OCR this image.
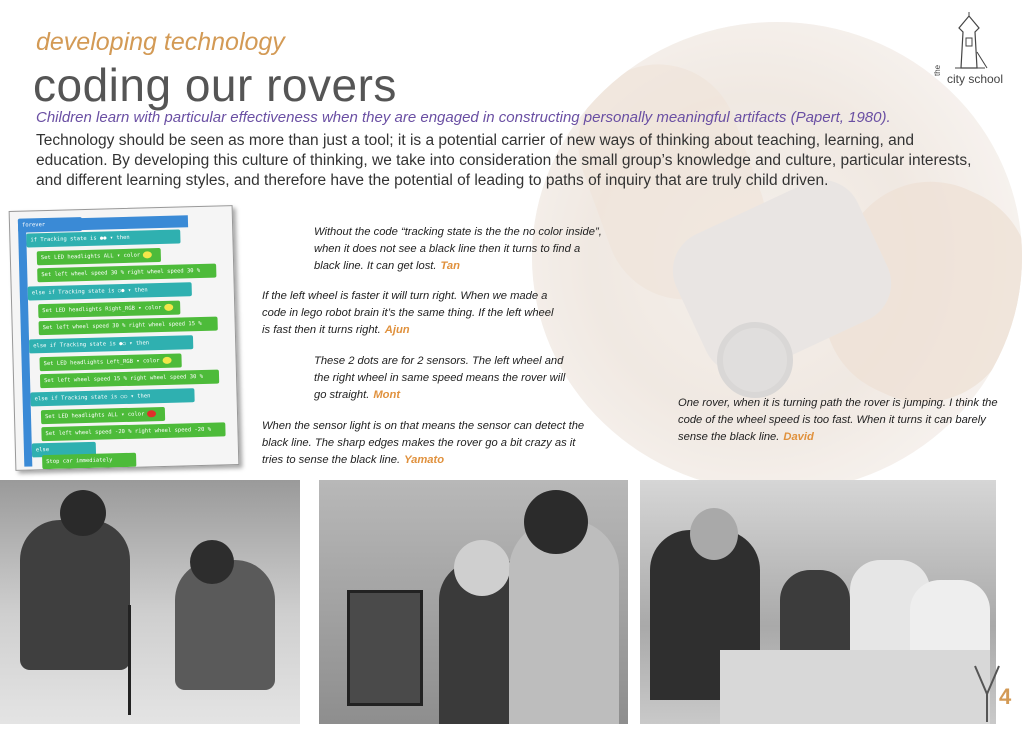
developing technology
coding our rovers	the
city school

Children learn with particular effectiveness when they are engaged in constructing personally meaningful artifacts (Papert, 1980).

Technology should be seen as more than just a tool; it is a potential carrier of new ways of thinking about teaching, learning, and education. By developing this culture of thinking, we take into consideration the small group’s knowledge and culture, particular interests, and different learning styles, and therefore have the potential of leading to paths of inquiry that are truly child driven.

forever
if Tracking state is ●● ▾ then
Set LED headlights ALL ▾ color
Set left wheel speed 30 % right wheel speed 30 %
else if Tracking state is ○● ▾ then
Set LED headlights Right_RGB ▾ color
Set left wheel speed 30 % right wheel speed 15 %
else if Tracking state is ●○ ▾ then
Set LED headlights Left_RGB ▾ color
Set left wheel speed 15 % right wheel speed 30 %
else if Tracking state is ○○ ▾ then
Set LED headlights ALL ▾ color
Set left wheel speed -20 % right wheel speed -20 %
else
Stop car immediately

Without the code “tracking state is the the no color inside”, when it does not see a black line then it turns to find a black line. It can get lost. Tan

If the left wheel is faster it will turn right. When we made a code in lego robot brain it’s the same thing. If the left wheel is fast then it turns right. Ajun

These 2 dots are for 2 sensors. The left wheel and the right wheel in same speed means the rover will go straight. Mont

When the sensor light is on that means the sensor can detect the black line. The sharp edges makes the rover go a bit crazy as it tries to sense the black line. Yamato

One rover, when it is turning path the rover is jumping. I think the code of the wheel speed is too fast. When it turns it can barely sense the black line. David

4
